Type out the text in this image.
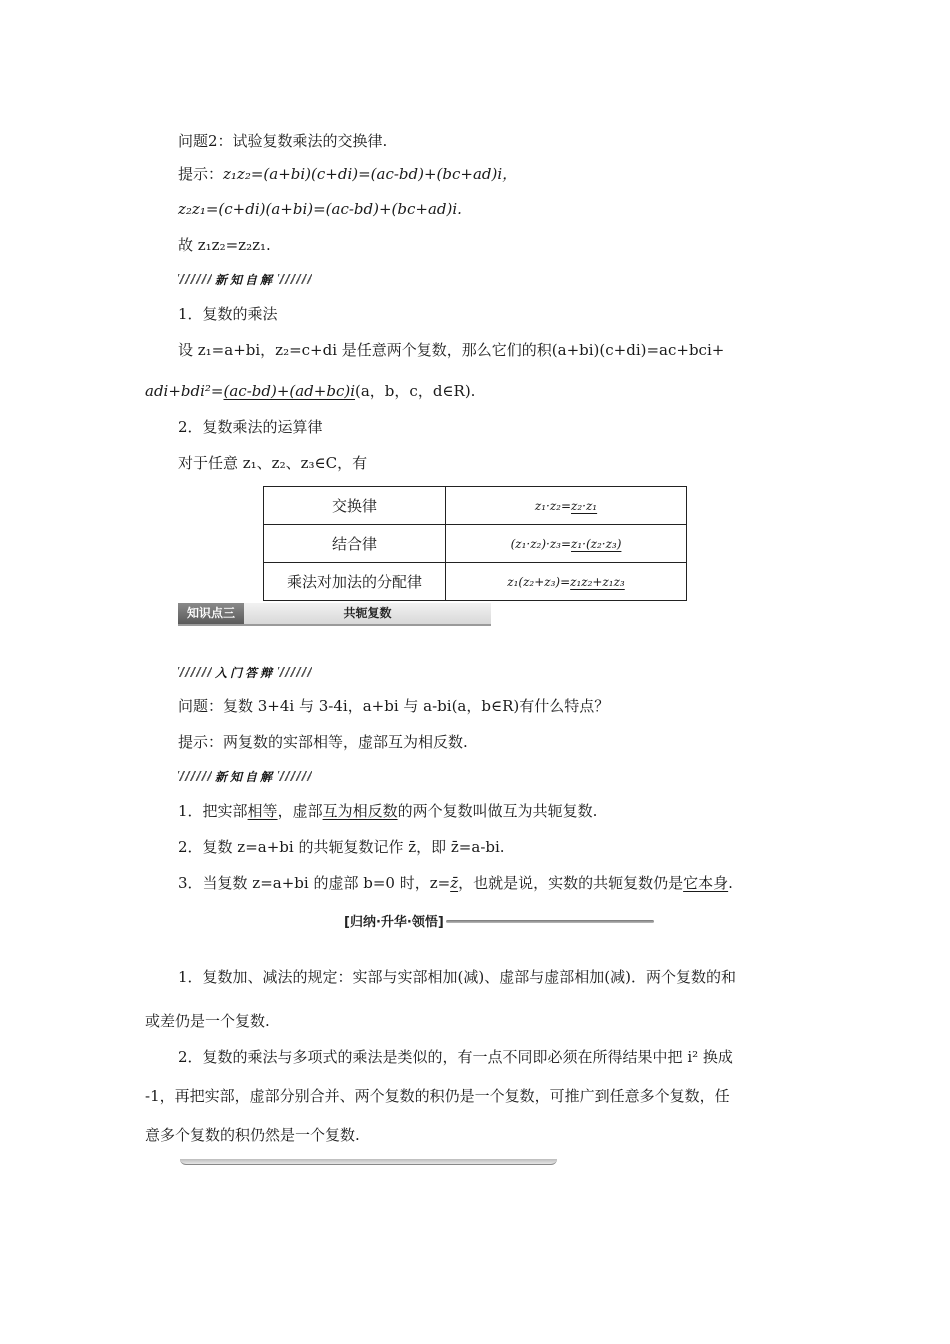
问题2：试验复数乘法的交换律.
提示：z₁z₂=(a+bi)(c+di)=(ac-bd)+(bc+ad)i，
z₂z₁=(c+di)(a+bi)=(ac-bd)+(bc+ad)i.
故 z₁z₂=z₂z₁.
新知自解
1．复数的乘法
设 z₁=a+bi，z₂=c+di 是任意两个复数，那么它们的积(a+bi)(c+di)=ac+bci+
adi+bdi²=(ac-bd)+(ad+bc)i(a，b，c，d∈R).
2．复数乘法的运算律
对于任意 z₁、z₂、z₃∈C，有
交换律	z₁·z₂=z₂·z₁
结合律	(z₁·z₂)·z₃=z₁·(z₂·z₃)
乘法对加法的分配律	z₁(z₂+z₃)=z₁z₂+z₁z₃
知识点三	共轭复数
入门答辩
问题：复数 3+4i 与 3-4i，a+bi 与 a-bi(a，b∈R)有什么特点？
提示：两复数的实部相等，虚部互为相反数.
新知自解
1．把实部相等，虚部互为相反数的两个复数叫做互为共轭复数.
2．复数 z=a+bi 的共轭复数记作 z̄，即 z̄=a-bi.
3．当复数 z=a+bi 的虚部 b=0 时，z=z̄，也就是说，实数的共轭复数仍是它本身.
[归纳·升华·领悟]
1．复数加、减法的规定：实部与实部相加(减)、虚部与虚部相加(减)．两个复数的和
或差仍是一个复数.
2．复数的乘法与多项式的乘法是类似的，有一点不同即必须在所得结果中把 i² 换成
-1，再把实部，虚部分别合并、两个复数的积仍是一个复数，可推广到任意多个复数，任
意多个复数的积仍然是一个复数.
